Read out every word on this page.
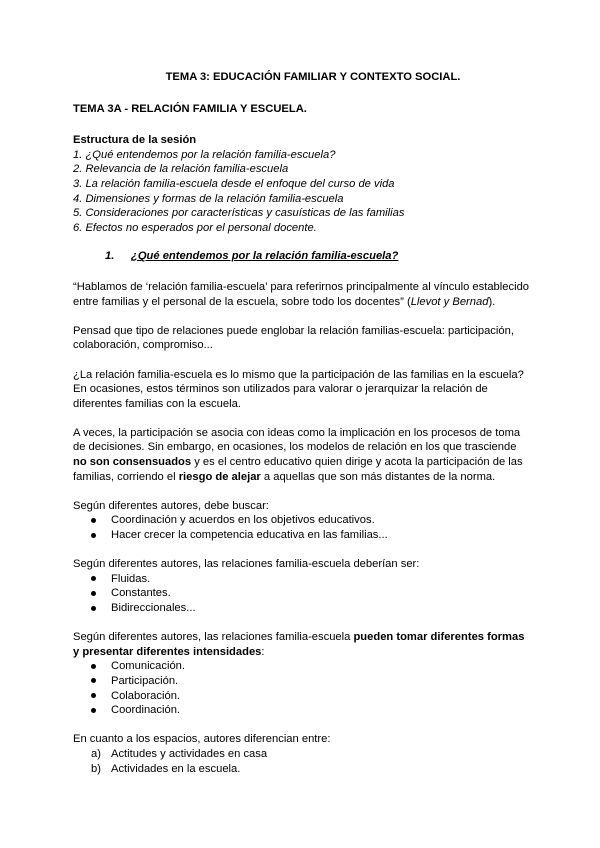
TEMA 3: EDUCACIÓN FAMILIAR Y CONTEXTO SOCIAL.
TEMA 3A - RELACIÓN FAMILIA Y ESCUELA.
Estructura de la sesión
1. ¿Qué entendemos por la relación familia-escuela?
2. Relevancia de la relación familia-escuela
3. La relación familia-escuela desde el enfoque del curso de vida
4. Dimensiones y formas de la relación familia-escuela
5. Consideraciones por características y casuísticas de las familias
6. Efectos no esperados por el personal docente.
1. ¿Qué entendemos por la relación familia-escuela?

“Hablamos de ‘relación familia-escuela’ para referirnos principalmente al vínculo establecido entre familias y el personal de la escuela, sobre todo los docentes” (Llevot y Bernad).

Pensad que tipo de relaciones puede englobar la relación familias-escuela: participación, colaboración, compromiso...

¿La relación familia-escuela es lo mismo que la participación de las familias en la escuela? En ocasiones, estos términos son utilizados para valorar o jerarquizar la relación de diferentes familias con la escuela.

A veces, la participación se asocia con ideas como la implicación en los procesos de toma de decisiones. Sin embargo, en ocasiones, los modelos de relación en los que trasciende no son consensuados y es el centro educativo quien dirige y acota la participación de las familias, corriendo el riesgo de alejar a aquellas que son más distantes de la norma.

Según diferentes autores, debe buscar:

Coordinación y acuerdos en los objetivos educativos.
Hacer crecer la competencia educativa en las familias...

Según diferentes autores, las relaciones familia-escuela deberían ser:

Fluidas.
Constantes.
Bidireccionales...

Según diferentes autores, las relaciones familia-escuela pueden tomar diferentes formas y presentar diferentes intensidades:

Comunicación.
Participación.
Colaboración.
Coordinación.

En cuanto a los espacios, autores diferencian entre:

a) Actitudes y actividades en casa
b) Actividades en la escuela.
